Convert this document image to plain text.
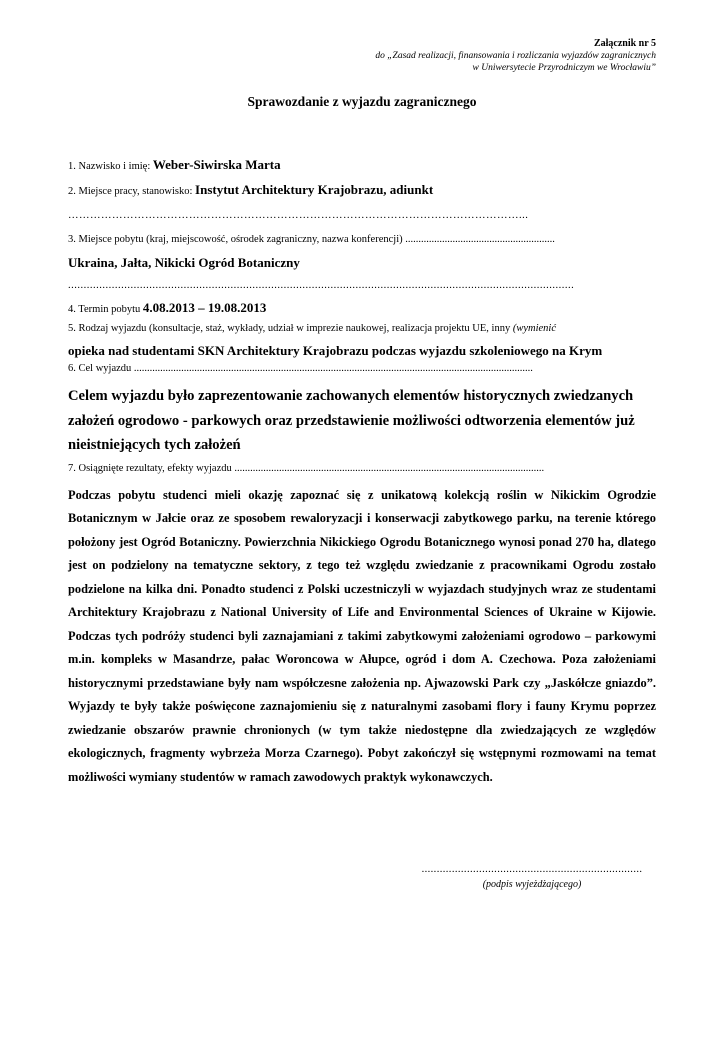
Załącznik nr 5
do „Zasad realizacji, finansowania i rozliczania wyjazdów zagranicznych
w Uniwersytecie Przyrodniczym we Wrocławiu”
Sprawozdanie z wyjazdu zagranicznego
1. Nazwisko i imię: Weber-Siwirska Marta
2. Miejsce pracy, stanowisko: Instytut Architektury Krajobrazu, adiunkt
……………………………………………………………………………………………………………...
3. Miejsce pobytu (kraj, miejscowość, ośrodek zagraniczny, nazwa konferencji) .........................................................
Ukraina, Jałta, Nikicki Ogród Botaniczny
..................................................................................................................................................................
4. Termin pobytu 4.08.2013 – 19.08.2013
5. Rodzaj wyjazdu (konsultacje, staż, wykłady, udział w imprezie naukowej, realizacja projektu UE, inny (wymienić
opieka nad studentami SKN Architektury Krajobrazu podczas wyjazdu szkoleniowego na Krym
6. Cel wyjazdu ........................................................................................................................................................
Celem wyjazdu było zaprezentowanie zachowanych elementów historycznych zwiedzanych założeń ogrodowo - parkowych oraz przedstawienie możliwości odtworzenia elementów już nieistniejących tych założeń
7. Osiągnięte rezultaty, efekty wyjazdu ......................................................................................................................
Podczas pobytu studenci mieli okazję zapoznać się z unikatową kolekcją roślin w Nikickim Ogrodzie Botanicznym w Jałcie oraz ze sposobem rewaloryzacji i konserwacji zabytkowego parku, na terenie którego położony jest Ogród Botaniczny. Powierzchnia Nikickiego Ogrodu Botanicznego wynosi ponad 270 ha, dlatego jest on podzielony na tematyczne sektory, z tego też względu zwiedzanie z pracownikami Ogrodu zostało podzielone na kilka dni. Ponadto studenci z Polski uczestniczyli w wyjazdach studyjnych wraz ze studentami Architektury Krajobrazu z National University of Life and Environmental Sciences of Ukraine w Kijowie. Podczas tych podróży studenci byli zaznajamiani z takimi zabytkowymi założeniami ogrodowo – parkowymi m.in. kompleks w Masandrze, pałac Woroncowa w Ałupce, ogród i dom A. Czechowa. Poza założeniami historycznymi przedstawiane były nam współczesne założenia np. Ajwazowski Park czy „Jaskółcze gniazdo”. Wyjazdy te były także poświęcone zaznajomieniu się z naturalnymi zasobami flory i fauny Krymu poprzez zwiedzanie obszarów prawnie chronionych (w tym także niedostępne dla zwiedzających ze względów ekologicznych, fragmenty wybrzeża Morza Czarnego). Pobyt zakończył się wstępnymi rozmowami na temat możliwości wymiany studentów w ramach zawodowych praktyk wykonawczych.
.........................................................................
(podpis wyjeżdżającego)
